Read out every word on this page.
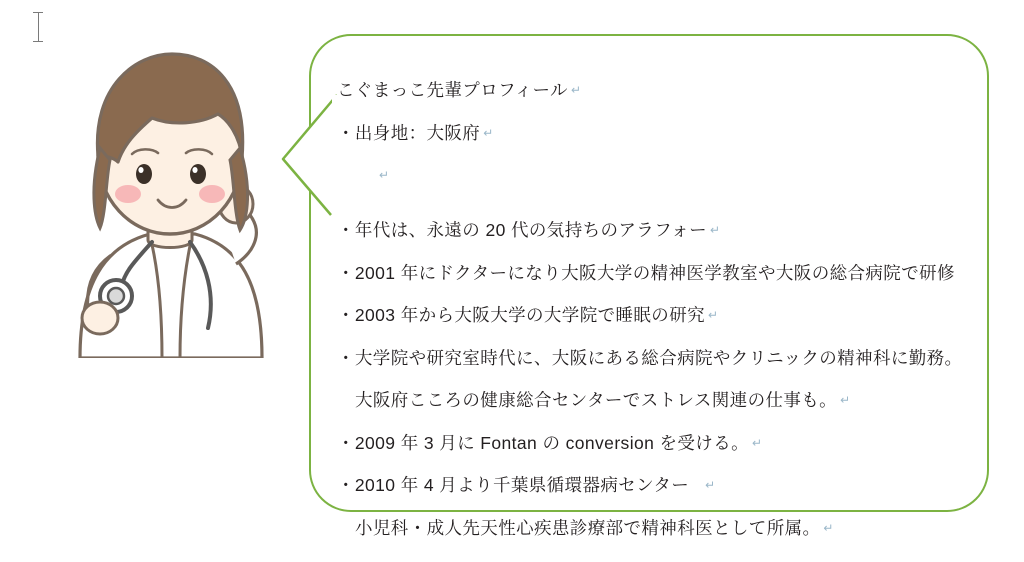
こぐまっこ先輩プロフィール ↵
・出身地：大阪府 ↵
↵
・年代は、永遠の 20 代の気持ちのアラフォー ↵
・2001 年にドクターになり大阪大学の精神医学教室や大阪の総合病院で研修
・2003 年から大阪大学の大学院で睡眠の研究 ↵
・大学院や研究室時代に、大阪にある総合病院やクリニックの精神科に勤務。
大阪府こころの健康総合センターでストレス関連の仕事も。 ↵
・2009 年 3 月に Fontan の conversion を受ける。 ↵
・2010 年 4 月より千葉県循環器病センター ↵
小児科・成人先天性心疾患診療部で精神科医として所属。 ↵
